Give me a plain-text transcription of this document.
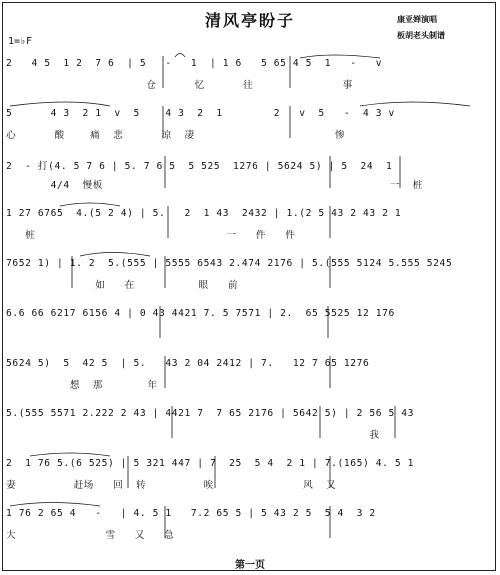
清风亭盼子	康亚婵演唱
板胡老头制谱
1=♭F
2   4 5  1 2  7 6  | 5   -   1  | 1 6   5 65 4 5  1   -   v
仓      忆      往              事
5      4 3  2 1  v  5    4 3  2  1        2   v  5   -  4 3 v
心      酸    痛  悲      凉  凄                      惨
2  - 打(4. 5 7 6 | 5. 7 6 5  5 525  1276 | 5624 5) | 5  24  1
4/4  慢板                                             一  桩
1 27 6765  4.(5 2 4) | 5.   2  1 43  2432 | 1.(2 5 43 2 43 2 1
桩                              一   件   件
7652 1) | 1. 2  5.(555 | 5555 6543 2.474 2176 | 5.(555 5124 5.555 5245
如   在          眼   前
6.6 66 6217 6156 4 | 0 43 4421 7. 5 7571 | 2.  65 5525 12 176
5624 5)  5  42 5  | 5.   43 2 04 2412 | 7.   12 7 65 1276
想  那       年
5.(555 5571 2.222 2 43 | 4421 7  7 65 2176 | 5642 5) | 2 56 5 43
我
2  1 76 5.(6 525) | 5 321 447 | 7  25  5 4  2 1 | 7.(165) 4. 5 1
妻         赶场   回  转         唉              风  又
1 76 2 65 4   -   | 4. 5 1   7.2 65 5 | 5 43 2 5  5 4  3 2
大              雪   又   急
第一页
